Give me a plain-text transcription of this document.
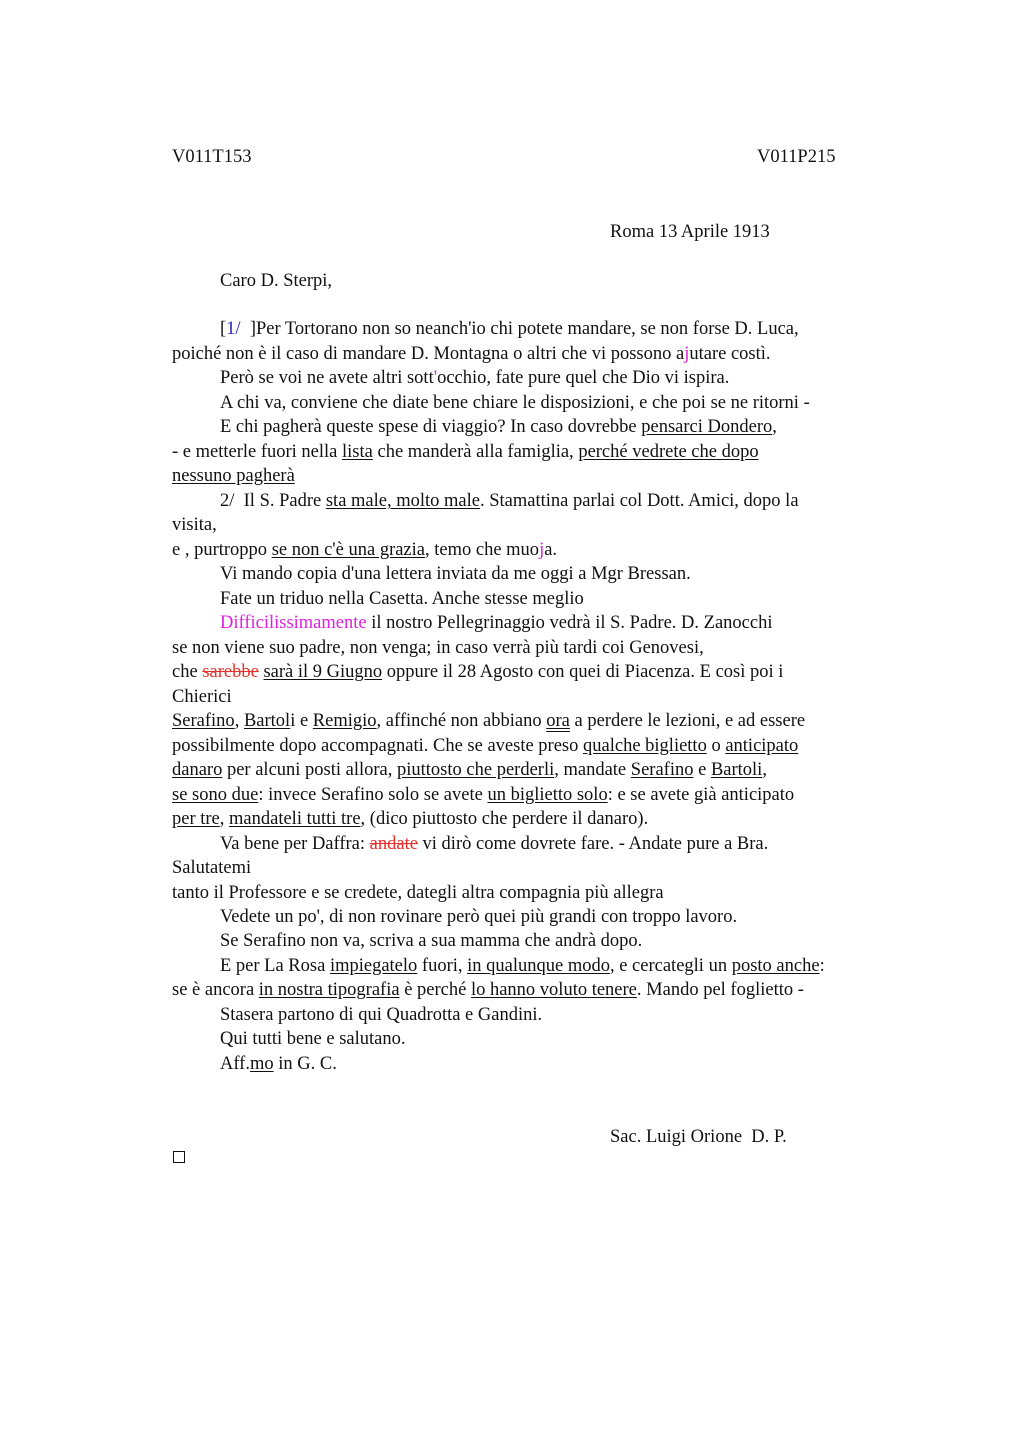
V011T153	V011P215
Roma 13 Aprile 1913
Caro D. Sterpi,
[1/  ]Per Tortorano non so neanch'io chi potete mandare, se non forse D. Luca,
poiché non è il caso di mandare D. Montagna o altri che vi possono ajutare costì.
Però se voi ne avete altri sott'occhio, fate pure quel che Dio vi ispira.
A chi va, conviene che diate bene chiare le disposizioni, e che poi se ne ritorni -
E chi pagherà queste spese di viaggio? In caso dovrebbe pensarci Dondero,
- e metterle fuori nella lista che manderà alla famiglia, perché vedrete che dopo
nessuno pagherà
2/  Il S. Padre sta male, molto male. Stamattina parlai col Dott. Amici, dopo la
visita,
e , purtroppo se non c'è una grazia, temo che muoja.
Vi mando copia d'una lettera inviata da me oggi a Mgr Bressan.
Fate un triduo nella Casetta. Anche stesse meglio
Difficilissimamente il nostro Pellegrinaggio vedrà il S. Padre. D. Zanocchi
se non viene suo padre, non venga; in caso verrà più tardi coi Genovesi,
che sarebbe sarà il 9 Giugno oppure il 28 Agosto con quei di Piacenza. E così poi i
Chierici
Serafino, Bartoli e Remigio, affinché non abbiano ora a perdere le lezioni, e ad essere
possibilmente dopo accompagnati. Che se aveste preso qualche biglietto o anticipato
danaro per alcuni posti allora, piuttosto che perderli, mandate Serafino e Bartoli,
se sono due: invece Serafino solo se avete un biglietto solo: e se avete già anticipato
per tre, mandateli tutti tre, (dico piuttosto che perdere il danaro).
Va bene per Daffra: andate vi dirò come dovrete fare. - Andate pure a Bra.
Salutatemi
tanto il Professore e se credete, dategli altra compagnia più allegra
Vedete un po', di non rovinare però quei più grandi con troppo lavoro.
Se Serafino non va, scriva a sua mamma che andrà dopo.
E per La Rosa impiegatelo fuori, in qualunque modo, e cercategli un posto anche:
se è ancora in nostra tipografia è perché lo hanno voluto tenere. Mando pel foglietto -
Stasera partono di qui Quadrotta e Gandini.
Qui tutti bene e salutano.
Aff.mo in G. C.
Sac. Luigi Orione  D. P.
